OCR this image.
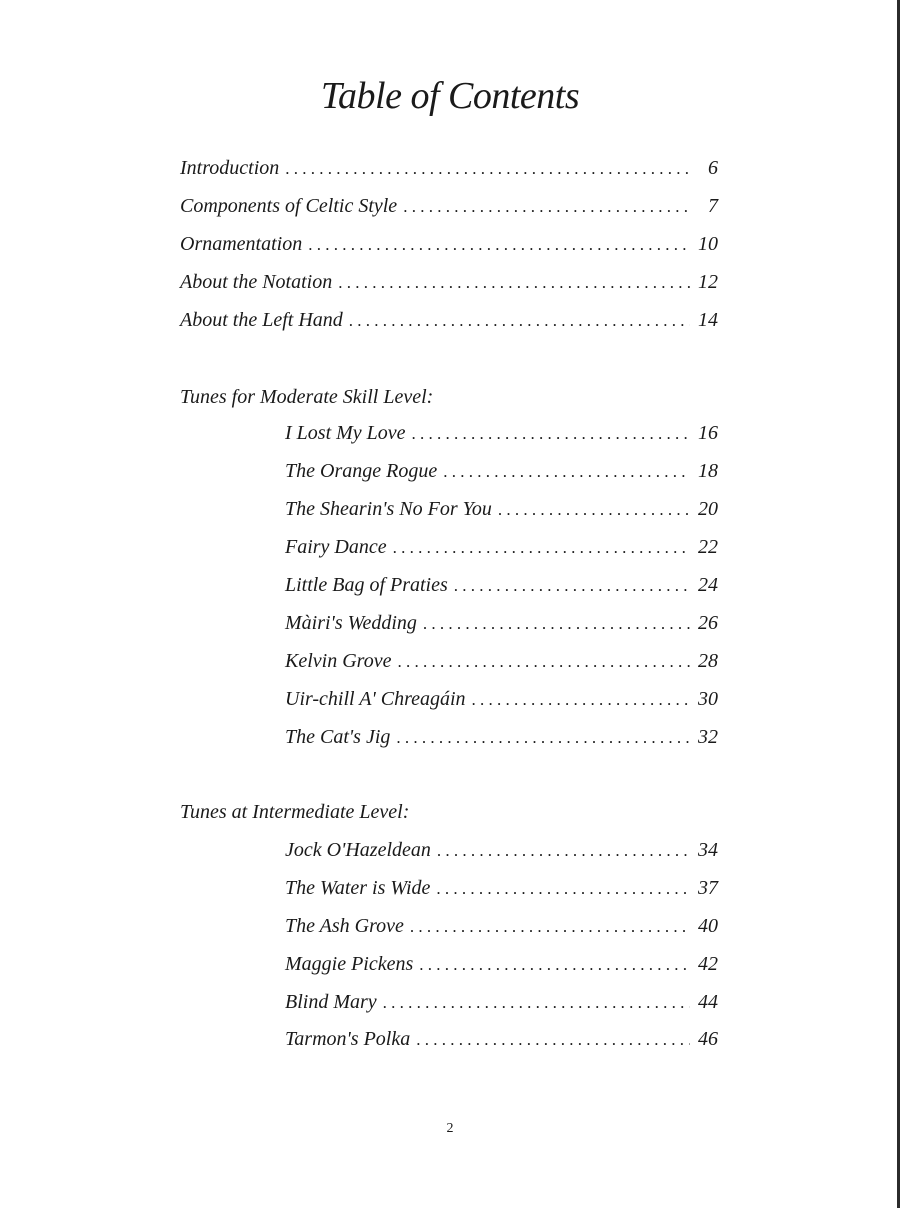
Table of Contents
Introduction . . .	6
Components of Celtic Style . . .	7
Ornamentation . . .	10
About the Notation . . .	12
About the Left Hand . . .	14
Tunes for Moderate Skill Level:
I Lost My Love . . .	16
The Orange Rogue . . .	18
The Shearin's No For You . . .	20
Fairy Dance . . .	22
Little Bag of Praties . . .	24
Màiri's Wedding . . .	26
Kelvin Grove . . .	28
Uir-chill A' Chreagáin . . .	30
The Cat's Jig . . .	32
Tunes at Intermediate Level:
Jock O'Hazeldean . . .	34
The Water is Wide . . .	37
The Ash Grove . . .	40
Maggie Pickens . . .	42
Blind Mary . . .	44
Tarmon's Polka . . .	46
2
